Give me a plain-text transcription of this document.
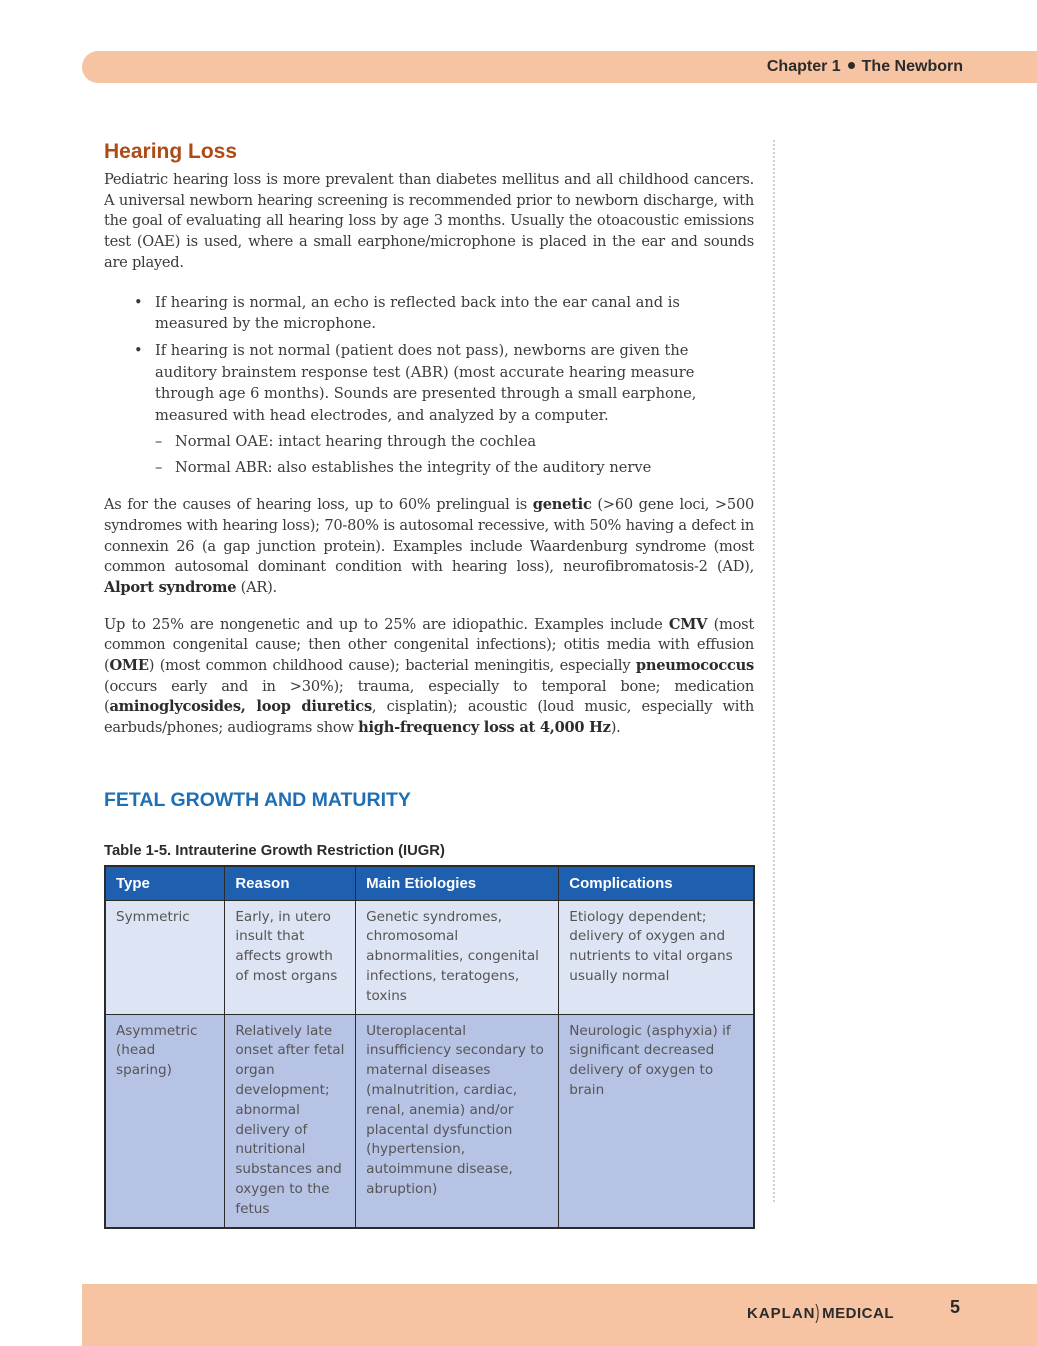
Chapter 1 The Newborn
Hearing Loss

Pediatric hearing loss is more prevalent than diabetes mellitus and all childhood cancers. A universal newborn hearing screening is recommended prior to newborn discharge, with the goal of evaluating all hearing loss by age 3 months. Usually the otoacoustic emissions test (OAE) is used, where a small earphone/microphone is placed in the ear and sounds are played.

• If hearing is normal, an echo is reflected back into the ear canal and is measured by the microphone.
• If hearing is not normal (patient does not pass), newborns are given the auditory brainstem response test (ABR) (most accurate hearing measure through age 6 months). Sounds are presented through a small earphone, measured with head electrodes, and analyzed by a computer.
– Normal OAE: intact hearing through the cochlea
– Normal ABR: also establishes the integrity of the auditory nerve

As for the causes of hearing loss, up to 60% prelingual is genetic (>60 gene loci, >500 syndromes with hearing loss); 70-80% is autosomal recessive, with 50% having a defect in connexin 26 (a gap junction protein). Examples include Waardenburg syndrome (most common autosomal dominant condition with hearing loss), neurofibromatosis-2 (AD), Alport syndrome (AR).

Up to 25% are nongenetic and up to 25% are idiopathic. Examples include CMV (most common congenital cause; then other congenital infections); otitis media with effusion (OME) (most common childhood cause); bacterial meningitis, especially pneumococcus (occurs early and in >30%); trauma, especially to temporal bone; medication (aminoglycosides, loop diuretics, cisplatin); acoustic (loud music, especially with earbuds/phones; audiograms show high-frequency loss at 4,000 Hz).

FETAL GROWTH AND MATURITY

Table 1-5. Intrauterine Growth Restriction (IUGR)

Type	Reason	Main Etiologies	Complications
Symmetric	Early, in utero insult that affects growth of most organs	Genetic syndromes, chromosomal abnormalities, congenital infections, teratogens, toxins	Etiology dependent; delivery of oxygen and nutrients to vital organs usually normal
Asymmetric (head sparing)	Relatively late onset after fetal organ development; abnormal delivery of nutritional substances and oxygen to the fetus	Uteroplacental insufficiency secondary to maternal diseases (malnutrition, cardiac, renal, anemia) and/or placental dysfunction (hypertension, autoimmune disease, abruption)	Neurologic (asphyxia) if significant decreased delivery of oxygen to brain
KAPLAN) MEDICAL	5
